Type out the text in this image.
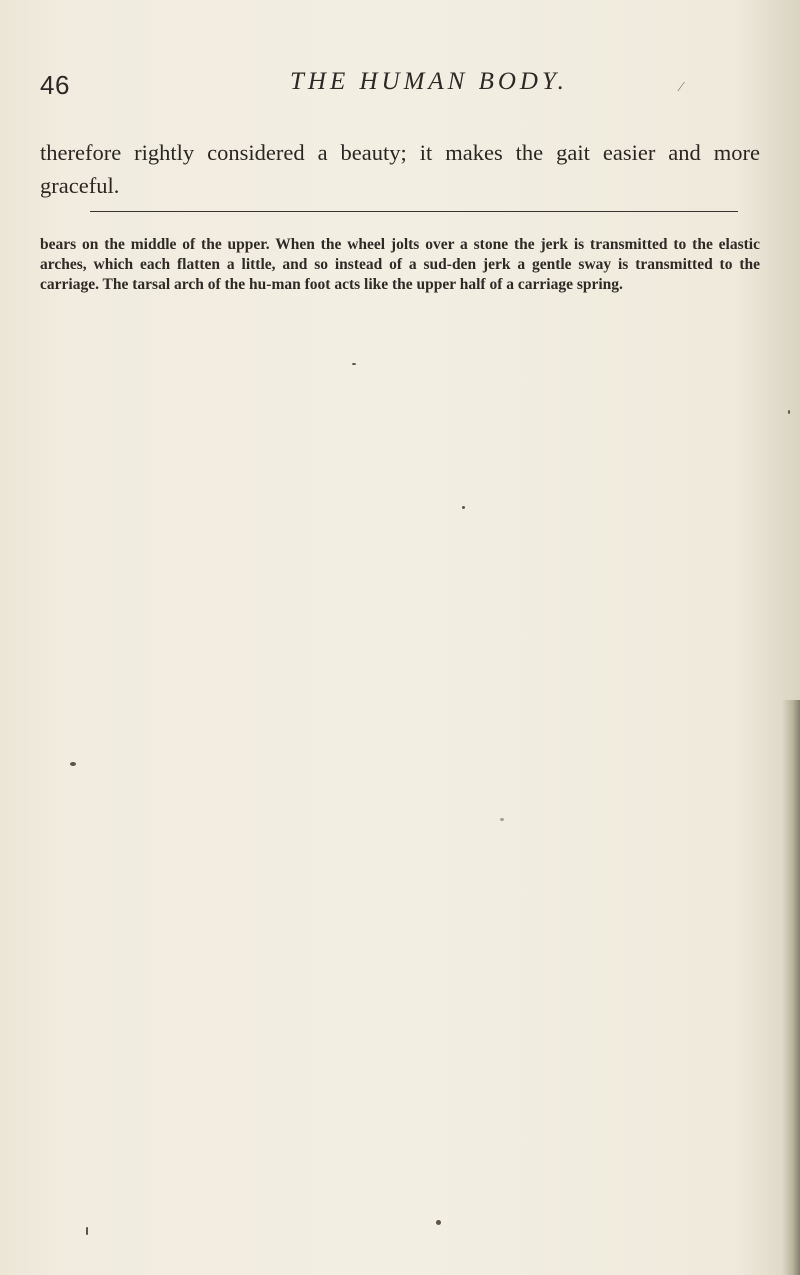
46	THE HUMAN BODY.	⁄

therefore rightly considered a beauty; it makes the gait easier and more graceful.

bears on the middle of the upper. When the wheel jolts over a stone the jerk is transmitted to the elastic arches, which each flatten a little, and so instead of a sud-den jerk a gentle sway is transmitted to the carriage. The tarsal arch of the hu-man foot acts like the upper half of a carriage spring.
